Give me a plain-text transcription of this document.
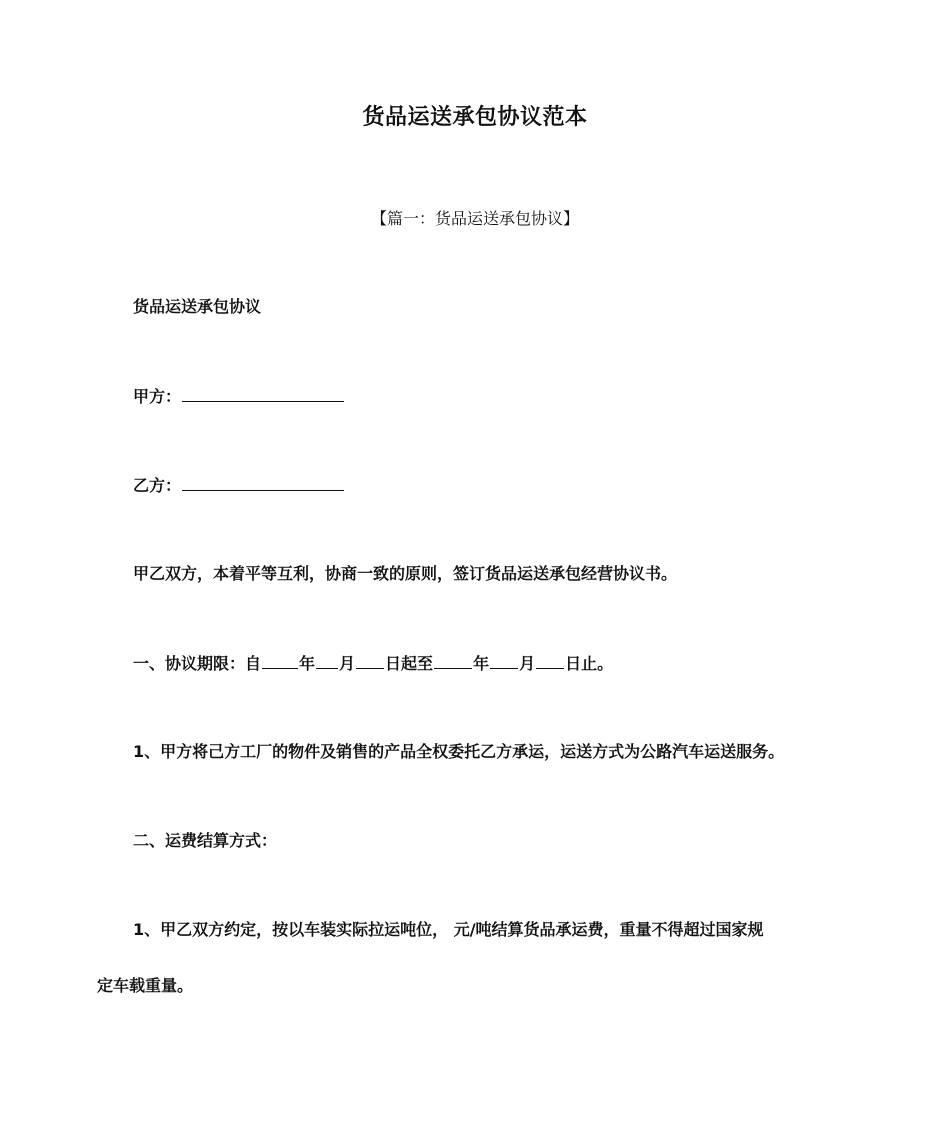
货品运送承包协议范本
【篇一：货品运送承包协议】
货品运送承包协议
甲方：
乙方：
甲乙双方，本着平等互利，协商一致的原则，签订货品运送承包经营协议书。
一、协议期限：自 年 月 日起至	年 月 日止。
1、甲方将己方工厂的物件及销售的产品全权委托乙方承运，运送方式为公路汽车运送服务。
二、运费结算方式：
1、甲乙双方约定，按以车装实际拉运吨位， 元/吨结算货品承运费，重量不得超过国家规
定车载重量。
